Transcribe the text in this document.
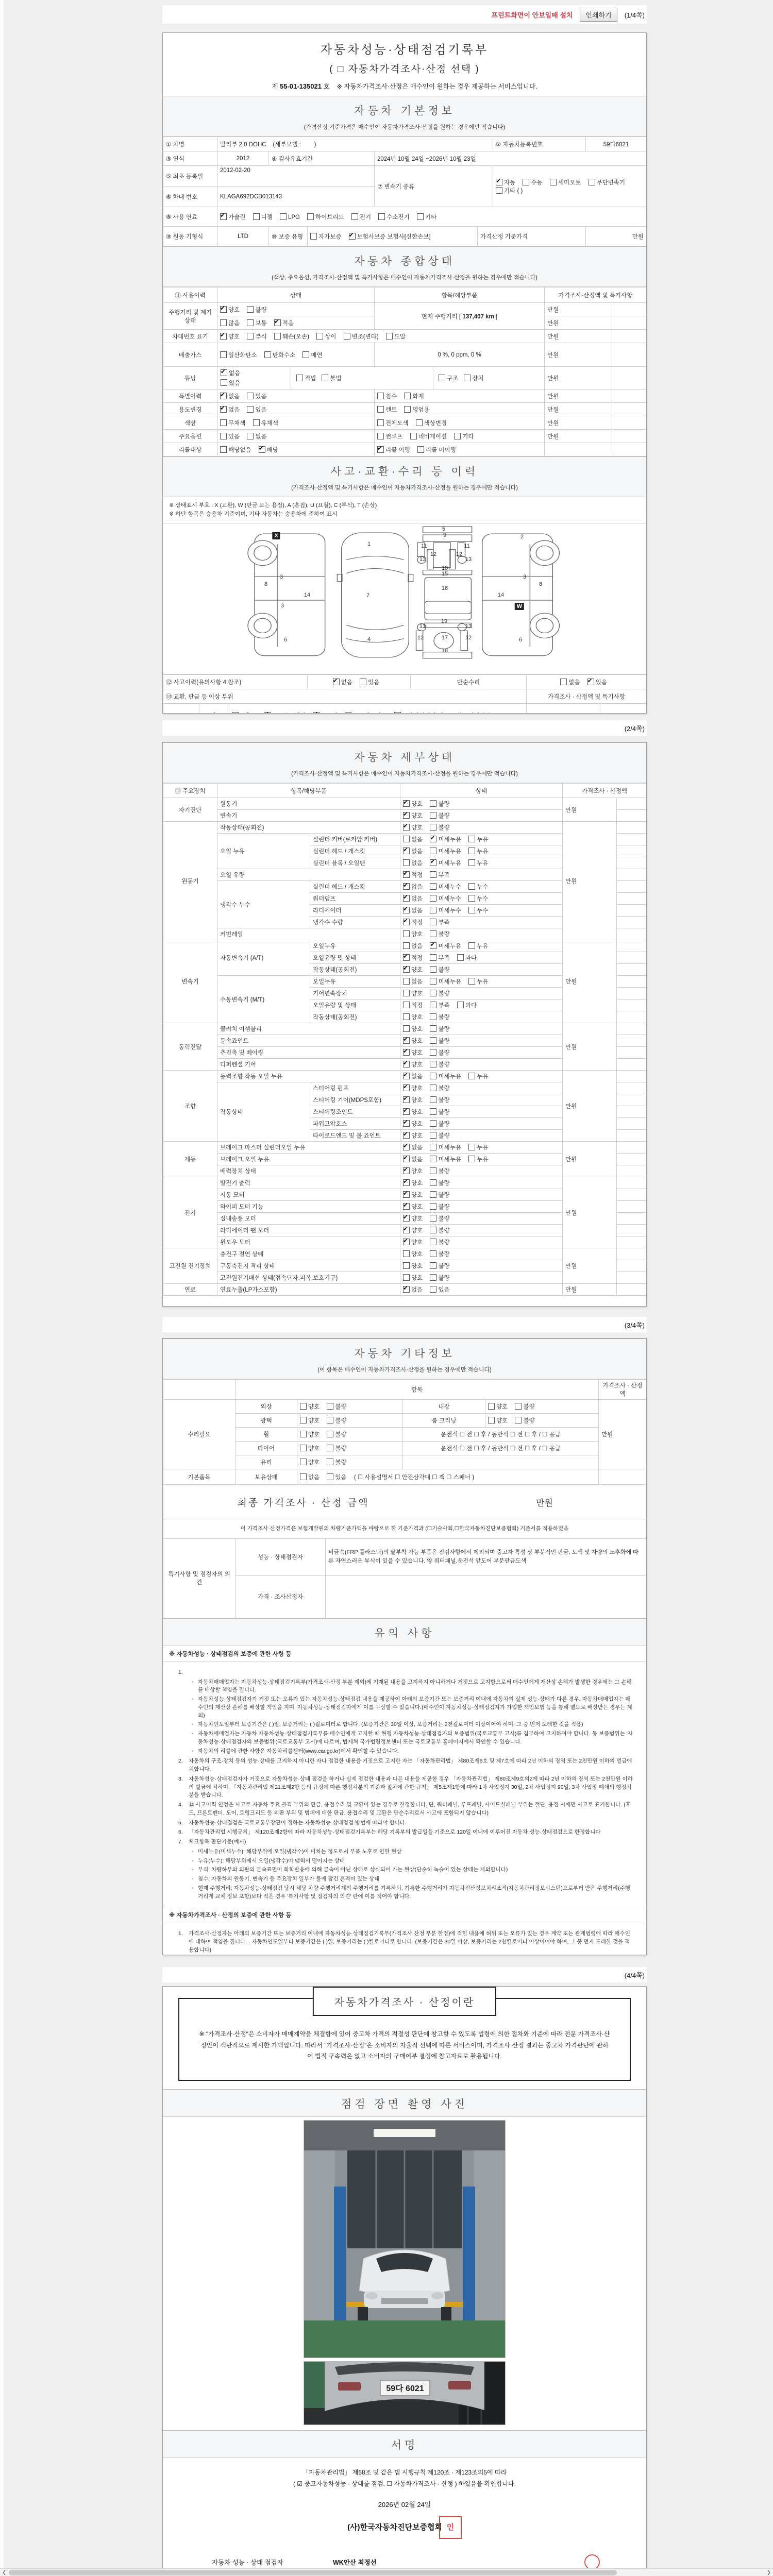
프린트화면이 안보일때 설치	인쇄하기	(1/4쪽)
자동차성능·상태점검기록부
( □ 자동차가격조사·산정 선택 )
제 55-01-135021 호 ※ 자동차가격조사·산정은 매수인이 원하는 경우 제공하는 서비스입니다.
자동차 기본정보
(가격산정 기준가격은 매수인이 자동차가격조사·산정을 원하는 경우에만 적습니다)
① 차명	말리부 2.0 DOHC (세부모델 : )			② 자동차등록번호	59다6021
③ 연식	2012	④ 검사유효기간	2024년 10월 24일 ~2026년 10월 23일		
⑤ 최초 등록일	2012-02-20		⑦ 변속기 종류	✔자동 수동 세미오토 무단변속기 기타 ( )
⑥ 차대 번호	KLAGA692DCB013143				
⑧ 사용 연료	✔가솔린 디젤 LPG 하이브리드 전기 수소전기 기타
⑨ 원동 기형식	LTD	⑩ 보증 유형	자가보증 ✔	보험사보증 보험사[신한손보]	가격산정 기준가격	만원
자동차 종합상태
(색상, 주요옵션, 가격조사·산정액 및 특기사항은 매수인이 자동차가격조사·산정을 원하는 경우에만 적습니다)
⑪ 사용이력	상태	항목/해당부품	가격조사·산정액 및 특기사항	
주행거리 및 계기상태	✔양호 불량	현재 주행거리 [ 137,407 km ]	만원	
	많음 보통 ✔ 적음		만원	
차대번호 표기	✔양호 부식 훼손(오손) 상이 변조(변타) 도말		만원	
배출가스	일산화탄소 탄화수소 매연	0 %, 0 ppm, 0 %	만원	
튜닝	
✔없음
있음
적법	불법	구조	장치	만원	
특별이력	✔없음 있음	침수 화재	만원	
용도변경	✔없음 있음	렌트 영업용	만원	
색상	무채색 유채색	전체도색 색상변경	만원	
주요옵션	있음 없음	썬루프 네비게이션 기타	만원	
리콜대상	해당없음 ✔ 해당	✔리콜 이행 리콜 미이행		
사고·교환·수리 등 이력
(가격조사·산정액 및 특기사항은 매수인이 자동차가격조사·산정을 원하는 경우에만 적습니다)
※ 상태표시 부호 : X (교환), W (판금 또는 용접), A (흠집), U (요철), C (부식), T (손상)
※ 하단 항목은 승용차 기준이며, 기타 자동차는 승용차에 준하여 표시
3
8
14
3
6
1
7
4
5
9
11	11
12	12
13	13
10
15
16
19
13	13
12	17	12
18
2
3
8
14
6
X
W
⑫ 사고이력(유의사항 4.참조)	✔없음 있음	단순수리	없음 ✔ 있음
⑬ 교환, 판금 등 이상 부위			가격조사 · 산정액 및 특기사항
		✔ ✔		

(2/4쪽)
자동차 세부상태
(가격조사·산정액 및 특기사항은 매수인이 자동차가격조사·산정을 원하는 경우에만 적습니다)
⑭ 주요장치	항목/해당부품		상태	가격조사 · 산정액	
자기진단	원동기	✔양호 불량	만원	
	변속기	✔양호 불량	
원동기	작동상태(공회전)	✔양호 불량	만원	
	오일 누유	실린더 커버(로커암 커버)	없음 ✔ 미세누유 누유	
		실린더 헤드 / 개스킷	✔없음 미세누유 누유	
		실린더 블록 / 오일팬	없음 ✔ 미세누유 누유	
	오일 유량	✔적정 부족	
	냉각수 누수	실린더 헤드 / 개스킷	✔없음 미세누수 누수	
		워터펌프	✔없음 미세누수 누수	
		라디에이터	✔없음 미세누수 누수	
		냉각수 수량	✔적정 부족	
	커먼레일		양호 불량		
변속기	자동변속기 (A/T)	오일누유	없음 ✔ 미세누유 누유	만원	
		오일유량 및 상태	✔적정 부족 과다	
		작동상태(공회전)	✔양호 불량	
	수동변속기 (M/T)	오일누유	없음 미세누유 누유		
		기어변속장치	양호 불량		
		오일유량 및 상태	적정 부족 과다		
		작동상태(공회전)	양호 불량		
동력전달	클러치 어셈블리		양호 불량	만원	
	등속죠인트	✔양호 불량	
	추진축 및 베어링	✔양호 불량	
	디퍼렌셜 기어	✔양호 불량	
조향	동력조향 작동 오일 누유	✔없음 미세누유 누유	만원	
	작동상태	스티어링 펌프	✔양호 불량	
		스티어링 기어(MDPS포함)	✔양호 불량	
		스티어링조인트	✔양호 불량	
		파워고압호스	✔양호 불량	
		타이로드엔드 및 볼 죠인트	✔양호 불량	
제동	브레이크 마스터 실린더오일 누유	✔없음 미세누유 누유	만원	
	브레이크 오일 누유	✔없음 미세누유 누유	
	배력장치 상태	✔양호 불량	
전기	발전기 출력	✔양호 불량	만원	
	시동 모터	✔양호 불량	
	와이퍼 모터 기능	✔양호 불량	
	실내송풍 모터	✔양호 불량	
	라디에이터 팬 모터	✔양호 불량	
	윈도우 모터	✔양호 불량	
고전원 전기장치	충전구 절연 상태		양호 불량	만원	
	구동축전지 격리 상태		양호 불량		
	고전원전기배선 상태(접속단자,피복,보호기구)		양호 불량		
연료	연료누출(LP가스포함)	✔없음 있음	만원	
(3/4쪽)
자동차 기타정보
(이 항목은 매수인이 자동차가격조사·산정을 원하는 경우에만 적습니다)
	항목				가격조사 · 산정액
수리필요	외장	양호 불량	내장	양호 불량	만원
	광택	양호 불량	룸 크리닝	양호 불량	
	휠	양호 불량	운전석 ☐ 전 ☐ 후 / 동반석 ☐ 전 ☐ 후 / ☐ 응급		
	타이어	양호 불량	운전석 ☐ 전 ☐ 후 / 동반석 ☐ 전 ☐ 후 / ☐ 응급		
	유리	양호 불량			
기본품목	보유상태	없음 있음 ( ☐ 사용설명서 ☐ 안전삼각대 ☐ 잭 ☐ 스패너 )			
최종 가격조사 · 산정 금액	만원
이 가격조사·산정가격은 보험개발원의 차량기준가액을 바탕으로 한 기준가격과 (☐기술사회,☐한국자동차진단보증협회) 기준서를 적용하였음
특기사항 및 점검자의 의견	성능 · 상태점검자	비금속(FRP 플라스틱)의 탈부착 가능 부품은 점검사항에서 제외되며 중고차 특성 상 부분적인 판금, 도색 및 차량의 노후화에 따른 자연스러운 부식이 있을 수 있습니다. 양 쿼터패널,운전석 앞도어 부분판금도색
	가격 · 조사산정자	
유의 사항
※ 자동차성능 · 상태점검의 보증에 관한 사항 등
1.
◦ 자동차매매업자는 자동차성능·상태점검기록부(가격조사·산정 부분 제외)에 기재된 내용을 고지하지 아니하거나 거짓으로 고지함으로써 매수인에게 재산상 손해가 발생한 경우에는 그 손해를 배상할 책임을 집니다.
◦ 자동차성능·상태점검자가 거짓 또는 오류가 있는 자동차성능·상태점검 내용을 제공하여 아래의 보증기간 또는 보증거리 이내에 자동차의 실제 성능·상태가 다른 경우, 자동차매매업자는 매수인의 재산상 손해를 배상할 책임을 지며, 자동차성능·상태점검자에게 이를 구상할 수 있습니다.(매수인이 자동차성능·상태점검자가 가입한 책임보험 등을 통해 별도로 배상받는 경우는 제외)
◦ 자동차인도일부터 보증기간은 ( )일, 보증거리는 ( )킬로미터로 합니다. (보증기간은 30일 이상, 보증거리는 2천킬로미터 이상이어야 하며, 그 중 먼저 도래한 것을 적용)
◦ 자동차매매업자는 자동차 자동차성능·상태점검기록부를 매수인에게 고지할 때 현행 자동차성능·상태점검자의 보증범위(국토교통부 고시)를 첨부하여 고지하여야 합니다. 동 보증범위는 '자동차성능·상태점검자의 보증범위'(국토교통부 고시)에 따르며, 법제처 국가법령정보센터 또는 국토교통부 홈페이지에서 확인할 수 있습니다.
◦ 자동차의 리콜에 관한 사항은 자동차리콜센터(www.car.go.kr)에서 확인할 수 있습니다.
2.	자동차의 구조·장치 등의 성능·상태를 고지하지 아니한 자나 점검한 내용을 거짓으로 고지한 자는 「자동차관리법」 제80조제6호 및 제7호에 따라 2년 이하의 징역 또는 2천만원 이하의 벌금에 처합니다.
3.	자동차성능·상태점검자가 거짓으로 자동차성능·상태 점검을 하거나 실제 점검한 내용과 다른 내용을 제공한 경우 「자동차관리법」 제80조제9호의2에 따라 2년 이하의 징역 또는 2천만원 이하의 벌금에 처하며, 「자동차관리법 제21조제2항 등의 규정에 따른 행정처분의 기준과 절차에 관한 규칙」 제5조제1항에 따라 1차 사업정지 30일, 2차 사업정지 90일, 3차 사업장 폐쇄의 행정처분을 받습니다.
4.	⑫ 사고이력 인정은 사고로 자동차 주요 골격 부위의 판금, 용접수리 및 교환이 있는 경우로 한정합니다. 단, 쿼터패널, 루프패널, 사이드실패널 부위는 절단, 용접 시에만 사고로 표기합니다. (후드, 프론트펜더, 도어, 트렁크리드 등 외판 부위 및 범퍼에 대한 판금, 용접수리 및 교환은 단순수리로서 사고에 포함되지 않습니다)
5.	자동차성능·상태점검은 국토교통부장관이 정하는 자동차성능·상태점검 방법에 따라야 합니다.
6.	「자동차관리법 시행규칙」 제120조제2항에 따라 자동차성능·상태점검기록부는 해당 기록부의 발급일을 기준으로 120일 이내에 이루어진 자동차 성능·상태점검으로 한정합니다
7.	체크항목 판단기준(예시)
◦ 미세누유(미세누수): 해당부위에 오일(냉각수)이 비치는 정도로서 부품 노후로 인한 현상
◦ 누유(누수): 해당부위에서 오일(냉각수)이 맺혀서 떨어지는 상태
◦ 부식: 차량하부와 외판의 금속표면이 화학반응에 의해 금속이 아닌 상태로 상실되어 가는 현상(단순히 녹슬어 있는 상태는 제외합니다)
◦ 침수: 자동차의 원동기, 변속기 등 주요장치 일부가 물에 잠긴 흔적이 있는 상태
◦ 현재 주행거리: 자동차성능·상태점검 당시 해당 차량 주행거리계의 주행거리를 기록하되, 기록한 주행거리가 자동차전산정보처리조직(자동차관리정보시스템)으로부터 받은 주행거리(주행거리계 교체 정보 포함)보다 적은 경우 '특기사항 및 점검자의 의견' 란에 이를 적어야 합니다.
※ 자동차가격조사 · 산정의 보증에 관한 사항 등
1.	가격조사·산정자는 아래의 보증기간 또는 보증거리 이내에 자동차성능·상태점검기록부(가격조사·산정 부분 한정)에 적힌 내용에 허위 또는 오류가 있는 경우 계약 또는 관계법령에 따라 매수인에 대하여 책임을 집니다. · 자동차인도일부터 보증기간은 ( )일, 보증거리는 ( )킬로미터로 합니다. (보증기간은 30일 이상, 보증거리는 2천킬로미터 이상이어야 하며, 그 중 먼저 도래한 것을 적용합니다)
(4/4쪽)
자동차가격조사 · 산정이란
※ "가격조사·산정"은 소비자가 매매계약을 체결함에 있어 중고차 가격의 적절성 판단에 참고할 수 있도록 법령에 의한 절차와 기준에 따라 전문 가격조사·산정인이 객관적으로 제시한 가액입니다. 따라서 "가격조사·산정"은 소비자의 자율적 선택에 따른 서비스이며, 가격조사·산정 결과는 중고차 가격판단에 관하여 법적 구속력은 없고 소비자의 구매여부 결정에 참고자료로 활용됩니다.
점검 장면 촬영 사진
59다 6021
서명
「자동차관리법」 제58조 및 같은 법 시행규칙 제120조 · 제123조의5에 따라
( ☑ 중고자동차성능 · 상태를 점검, ☐ 자동차가격조사 · 산정 ) 하였음을 확인합니다.
2026년 02월 24일
(사)한국자동차진단보증협회 인
자동차 성능 · 상태 점검자	WK안산 최정선
❮	❯
